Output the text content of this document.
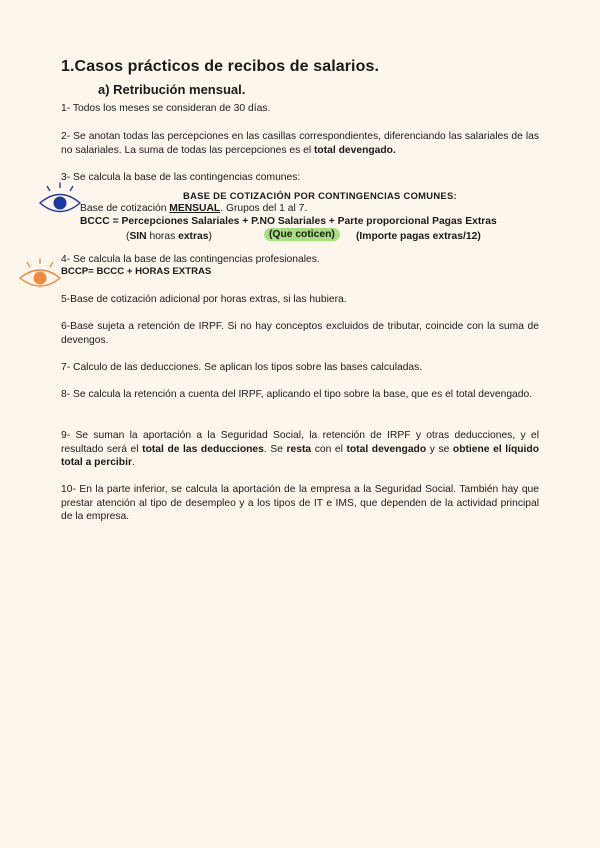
1.Casos prácticos de recibos de salarios.
a) Retribución mensual.
1- Todos los meses se consideran de 30 días.
2- Se anotan todas las percepciones en las casillas correspondientes, diferenciando las salariales de las no salariales. La suma de todas las percepciones es el total devengado.
3- Se calcula la base de las contingencias comunes:
BASE DE COTIZACIÓN POR CONTINGENCIAS COMUNES:
Base de cotización MENSUAL. Grupos del 1 al 7.
BCCC = Percepciones Salariales + P.NO Salariales + Parte proporcional Pagas Extras
(SIN horas extras)	(Que coticen)	(Importe pagas extras/12)
4- Se calcula la base de las contingencias profesionales.
BCCP= BCCC + HORAS EXTRAS
5-Base de cotización adicional por horas extras, si las hubiera.
6-Base sujeta a retención de IRPF. Si no hay conceptos excluidos de tributar, coincide con la suma de devengos.
7- Calculo de las deducciones. Se aplican los tipos sobre las bases calculadas.
8- Se calcula la retención a cuenta del IRPF, aplicando el tipo sobre la base, que es el total devengado.
9- Se suman la aportación a la Seguridad Social, la retención de IRPF y otras deducciones, y el resultado será el total de las deducciones. Se resta con el total devengado y se obtiene el líquido total a percibir.
10- En la parte inferior, se calcula la aportación de la empresa a la Seguridad Social. También hay que prestar atención al tipo de desempleo y a los tipos de IT e IMS, que dependen de la actividad principal de la empresa.
